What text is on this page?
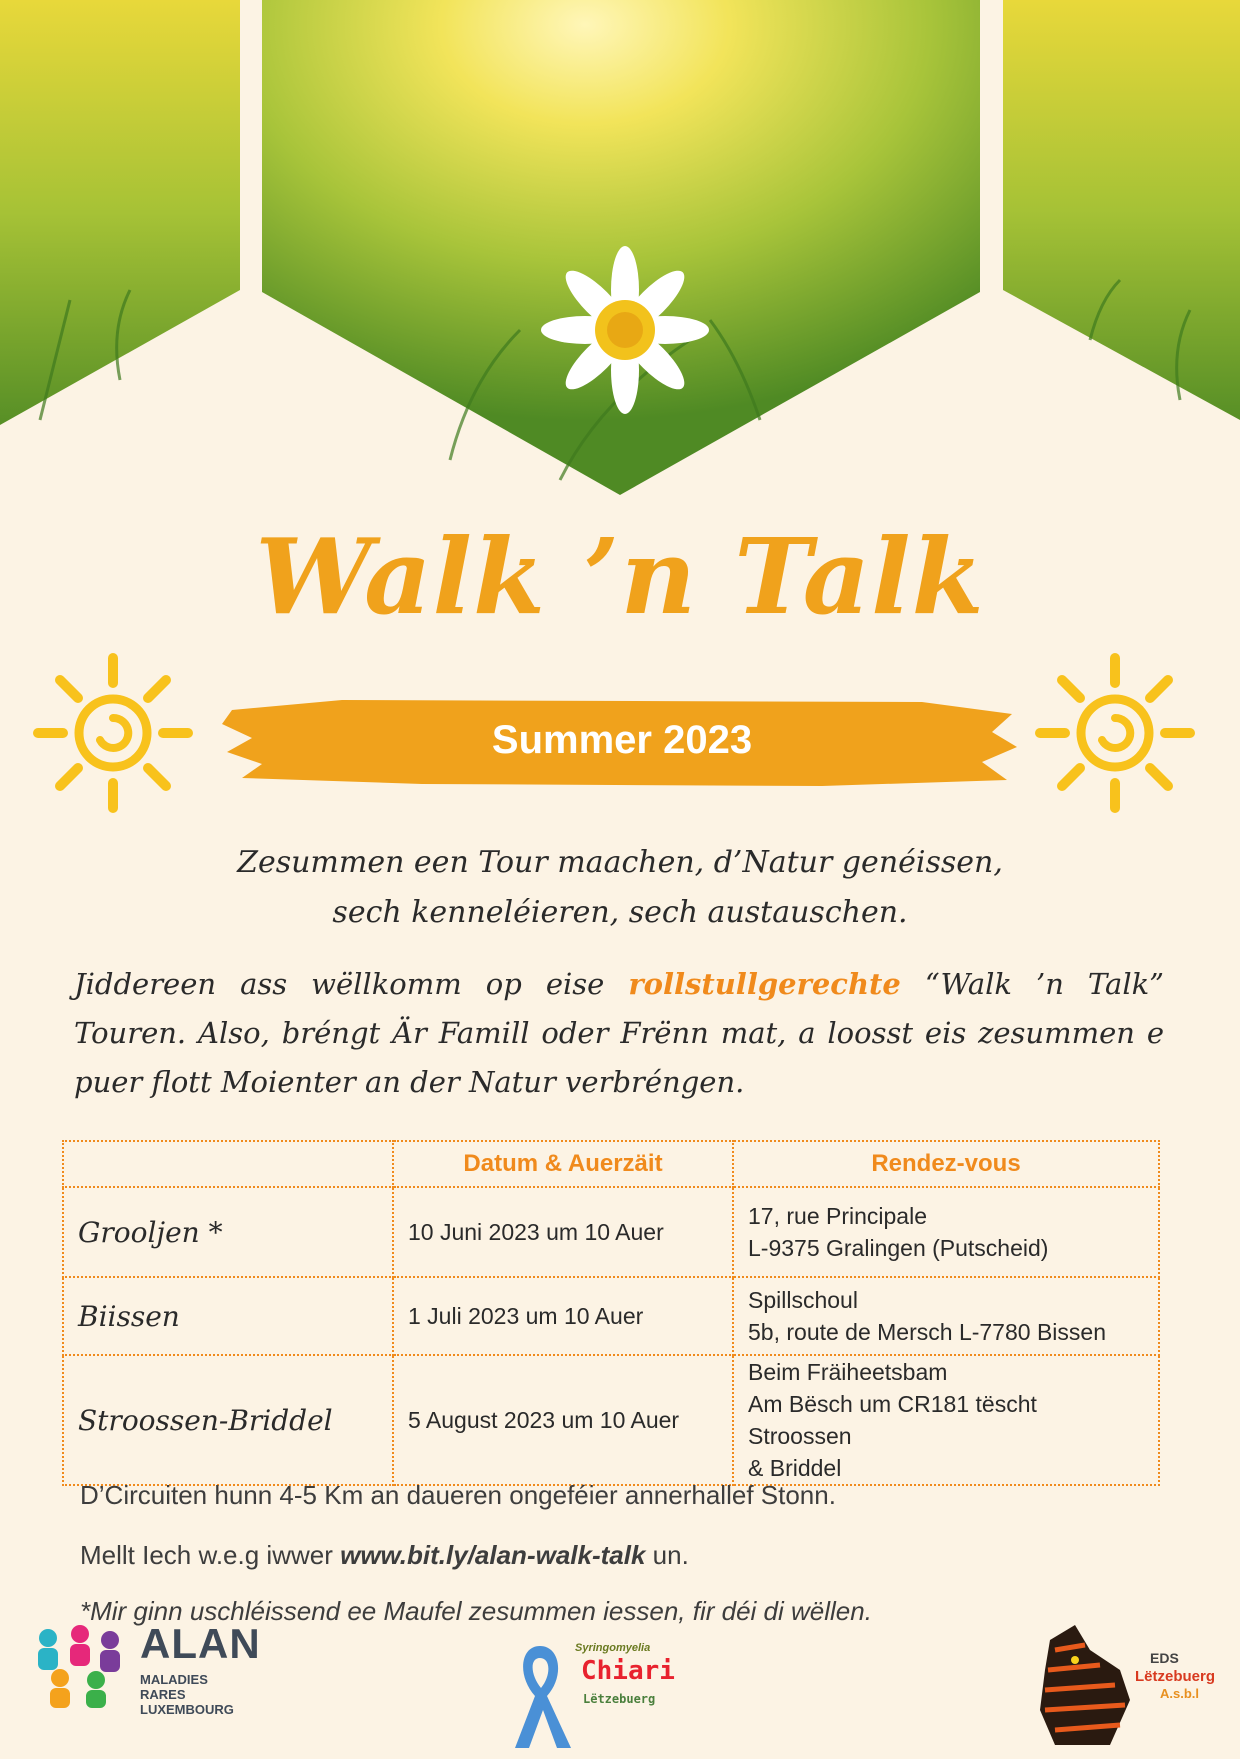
Walk ’n Talk
Summer 2023
Zesummen een Tour maachen, d’Natur genéissen,
sech kenneléieren, sech austauschen.
Jiddereen ass wëllkomm op eise rollstullgerechte “Walk ’n Talk” Touren. Also, bréngt Är Famill oder Frënn mat, a loosst eis zesummen e puer flott Moienter an der Natur verbréngen.
	Datum & Auerzäit	Rendez-vous
Grooljen *	10 Juni 2023 um 10 Auer	17, rue Principale
L-9375 Gralingen (Putscheid)

Biissen	1 Juli 2023 um 10 Auer	Spillschoul
5b, route de Mersch L-7780 Bissen

Stroossen-Briddel	5 August 2023 um 10 Auer	Beim Fräiheetsbam
Am Bësch um CR181 tëscht Stroossen
& Briddel
D’Circuiten hunn 4-5 Km an daueren ongeféier annerhallef Stonn.
Mellt Iech w.e.g iwwer www.bit.ly/alan-walk-talk un.
*Mir ginn uschléissend ee Maufel zesummen iessen, fir déi di wëllen.
ALAN
MALADIES RARES
LUXEMBOURG
Syringomyelia
Chiari
Lëtzebuerg
EDS
Lëtzebuerg
A.s.b.l
